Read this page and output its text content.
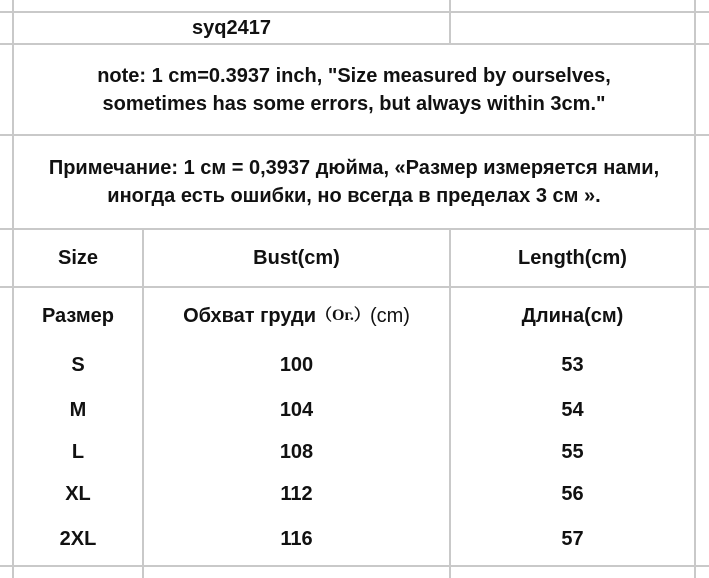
syq2417
note: 1 cm=0.3937 inch, "Size measured by ourselves,
sometimes has some errors, but always within 3cm."
Примечание: 1 см = 0,3937 дюйма, «Размер измеряется нами,
иногда есть ошибки, но всегда в пределах 3 см ».
Size	Bust(cm)	Length(cm)
Размер	Обхват груди （Ог.） (cm)	Длина(см)
S	100	53
M	104	54
L	108	55
XL	112	56
2XL	116	57
